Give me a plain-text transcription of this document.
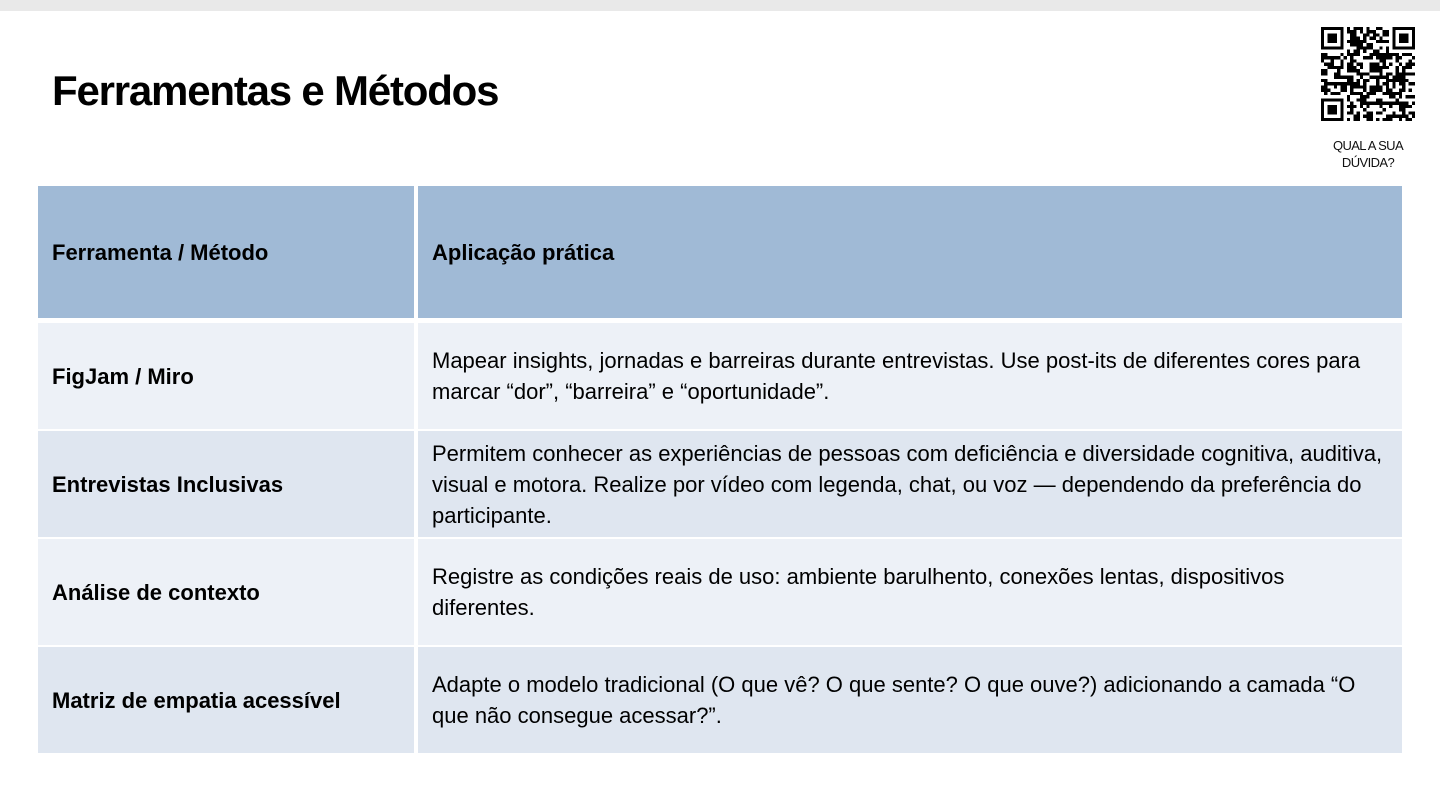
Ferramentas e Métodos
QUAL A SUA DÚVIDA?
Ferramenta / Método	Aplicação prática
FigJam / Miro	Mapear insights, jornadas e barreiras durante entrevistas. Use post-its de diferentes cores para marcar “dor”, “barreira” e “oportunidade”.
Entrevistas Inclusivas	Permitem conhecer as experiências de pessoas com deficiência e diversidade cognitiva, auditiva, visual e motora. Realize por vídeo com legenda, chat, ou voz — dependendo da preferência do participante.
Análise de contexto	Registre as condições reais de uso: ambiente barulhento, conexões lentas, dispositivos diferentes.
Matriz de empatia acessível	Adapte o modelo tradicional (O que vê? O que sente? O que ouve?) adicionando a camada “O que não consegue acessar?”.
